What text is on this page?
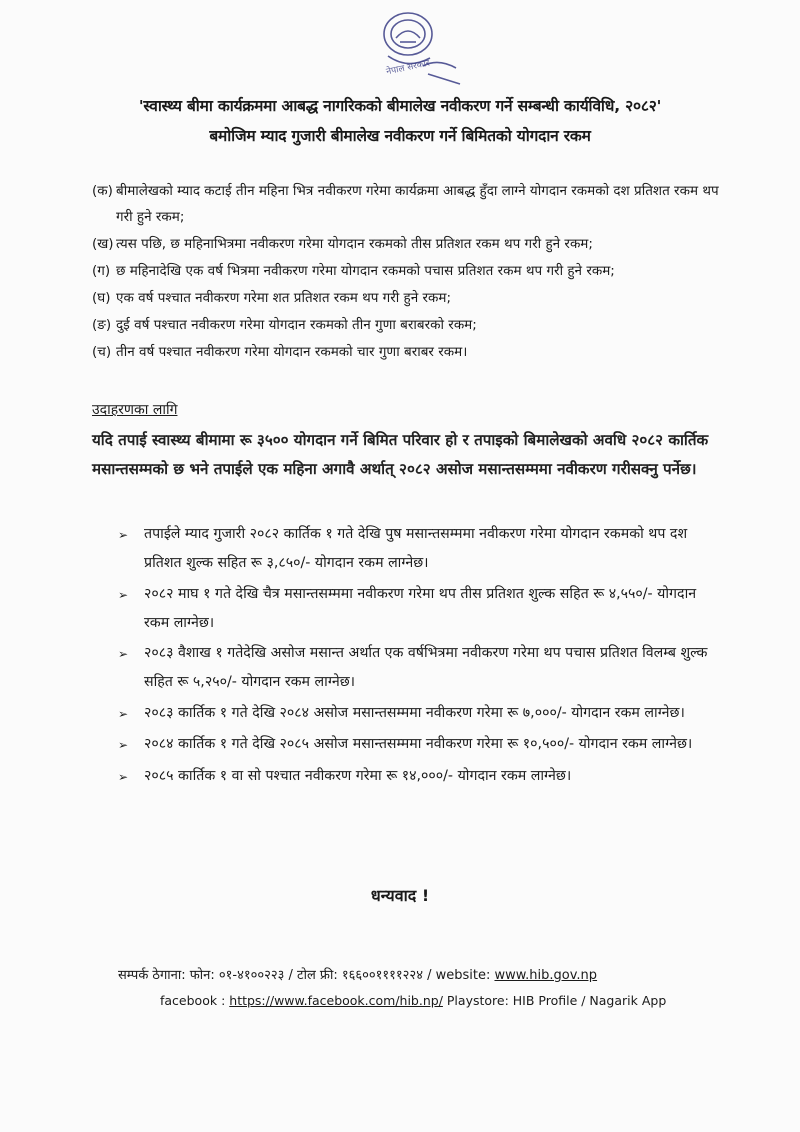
नेपाल सरकार
'स्वास्थ्य बीमा कार्यक्रममा आबद्ध नागरिकको बीमालेख नवीकरण गर्ने सम्बन्धी कार्यविधि, २०८२'
बमोजिम म्याद गुजारी बीमालेख नवीकरण गर्ने बिमितको योगदान रकम
(क) बीमालेखको म्याद कटाई तीन महिना भित्र नवीकरण गरेमा कार्यक्रमा आबद्ध हुँदा लाग्ने योगदान रकमको दश प्रतिशत रकम थप गरी हुने रकम;
(ख) त्यस पछि, छ महिनाभित्रमा नवीकरण गरेमा योगदान रकमको तीस प्रतिशत रकम थप गरी हुने रकम;
(ग) छ महिनादेखि एक वर्ष भित्रमा नवीकरण गरेमा योगदान रकमको पचास प्रतिशत रकम थप गरी हुने रकम;
(घ) एक वर्ष पश्चात नवीकरण गरेमा शत प्रतिशत रकम थप गरी हुने रकम;
(ङ) दुई वर्ष पश्चात नवीकरण गरेमा योगदान रकमको तीन गुणा बराबरको रकम;
(च) तीन वर्ष पश्चात नवीकरण गरेमा योगदान रकमको चार गुणा बराबर रकम।
उदाहरणका लागि
यदि तपाई स्वास्थ्य बीमामा रू ३५०० योगदान गर्ने बिमित परिवार हो र तपाइको बिमालेखको अवधि २०८२ कार्तिक मसान्तसम्मको छ भने तपाईले एक महिना अगावै अर्थात् २०८२ असोज मसान्तसम्ममा नवीकरण गरीसक्नु पर्नेछ।
➢	तपाईले म्याद गुजारी २०८२ कार्तिक १ गते देखि पुष मसान्तसम्ममा नवीकरण गरेमा योगदान रकमको थप दश प्रतिशत शुल्क सहित रू ३,८५०/- योगदान रकम लाग्नेछ।
➢	२०८२ माघ १ गते देखि चैत्र मसान्तसम्ममा नवीकरण गरेमा थप तीस प्रतिशत शुल्क सहित रू ४,५५०/- योगदान रकम लाग्नेछ।
➢	२०८३ वैशाख १ गतेदेखि असोज मसान्त अर्थात एक वर्षभित्रमा नवीकरण गरेमा थप पचास प्रतिशत विलम्ब शुल्क सहित रू ५,२५०/- योगदान रकम लाग्नेछ।
➢	२०८३ कार्तिक १ गते देखि २०८४ असोज मसान्तसम्ममा नवीकरण गरेमा रू ७,०००/- योगदान रकम लाग्नेछ।
➢	२०८४ कार्तिक १ गते देखि २०८५ असोज मसान्तसम्ममा नवीकरण गरेमा रू १०,५००/- योगदान रकम लाग्नेछ।
➢	२०८५ कार्तिक १ वा सो पश्चात नवीकरण गरेमा रू १४,०००/- योगदान रकम लाग्नेछ।
धन्यवाद !
सम्पर्क ठेगाना: फोन: ०१-४१००२२३ / टोल फ्री: १६६००११११२२४ / website: www.hib.gov.np
facebook : https://www.facebook.com/hib.np/ Playstore: HIB Profile / Nagarik App
